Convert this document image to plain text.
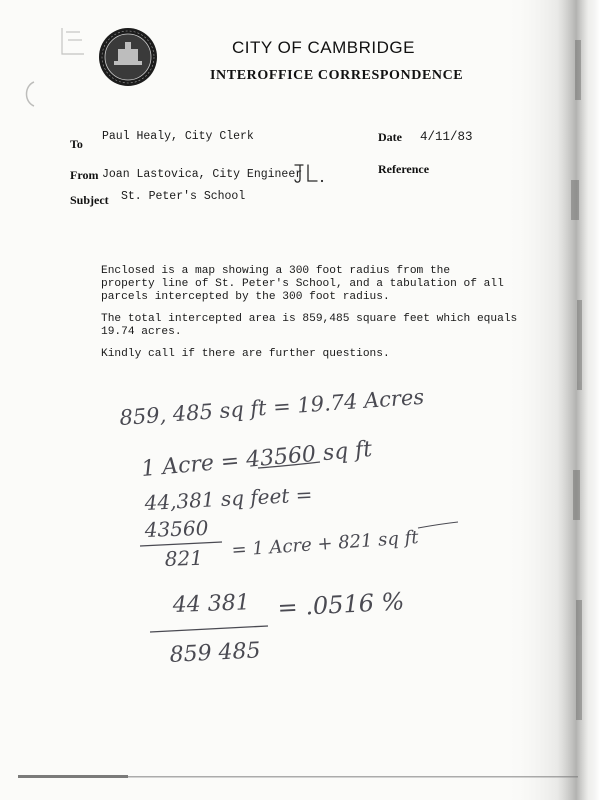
CITY OF CAMBRIDGE
INTEROFFICE CORRESPONDENCE
To
Paul Healy, City Clerk	Date 4/11/83
From Joan Lastovica, City Engineer	Reference
Subject St. Peter's School
Enclosed is a map showing a 300 foot radius from the
property line of St. Peter's School, and a tabulation of all
parcels intercepted by the 300 foot radius.
The total intercepted area is 859,485 square feet which equals
19.74 acres.
Kindly call if there are further questions.
859, 485 sq ft = 19.74 Acres
1 Acre = 43560 sq ft
44,381 sq feet =
43560
821 = 1 Acre + 821 sq ft
44 381
859 485
= .0516 %
